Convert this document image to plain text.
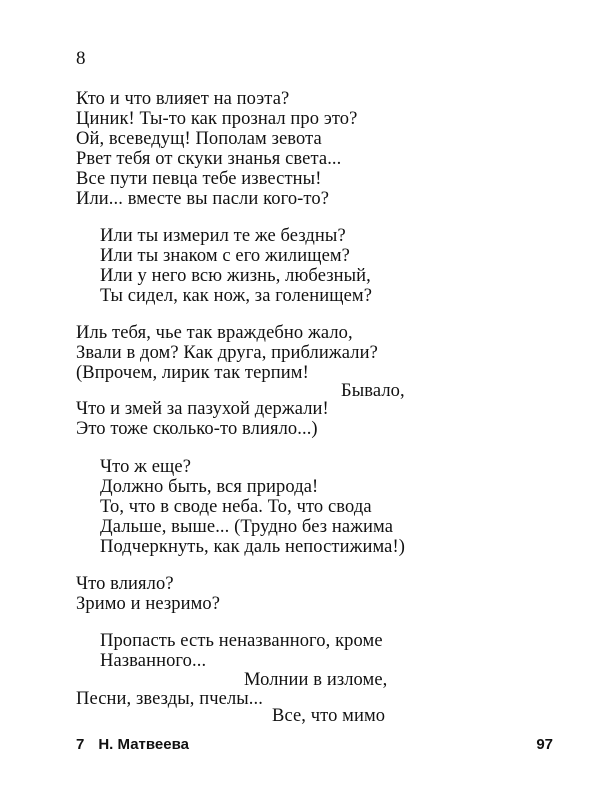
8
Кто и что влияет на поэта?
Циник! Ты-то как прознал про это?
Ой, всеведущ! Пополам зевота
Рвет тебя от скуки знанья света...
Все пути певца тебе известны!
Или... вместе вы пасли кого-то?
Или ты измерил те же бездны?
Или ты знаком с его жилищем?
Или у него всю жизнь, любезный,
Ты сидел, как нож, за голенищем?
Иль тебя, чье так враждебно жало,
Звали в дом? Как друга, приближали?
(Впрочем, лирик так терпим!
Бывало,
Что и змей за пазухой держали!
Это тоже сколько-то влияло...)
Что ж еще?
Должно быть, вся природа!
То, что в своде неба. То, что свода
Дальше, выше... (Трудно без нажима
Подчеркнуть, как даль непостижима!)
Что влияло?
Зримо и незримо?
Пропасть есть неназванного, кроме
Названного...
Молнии в изломе,
Песни, звезды, пчелы...
Все, что мимо
7 Н. Матвеева	97
